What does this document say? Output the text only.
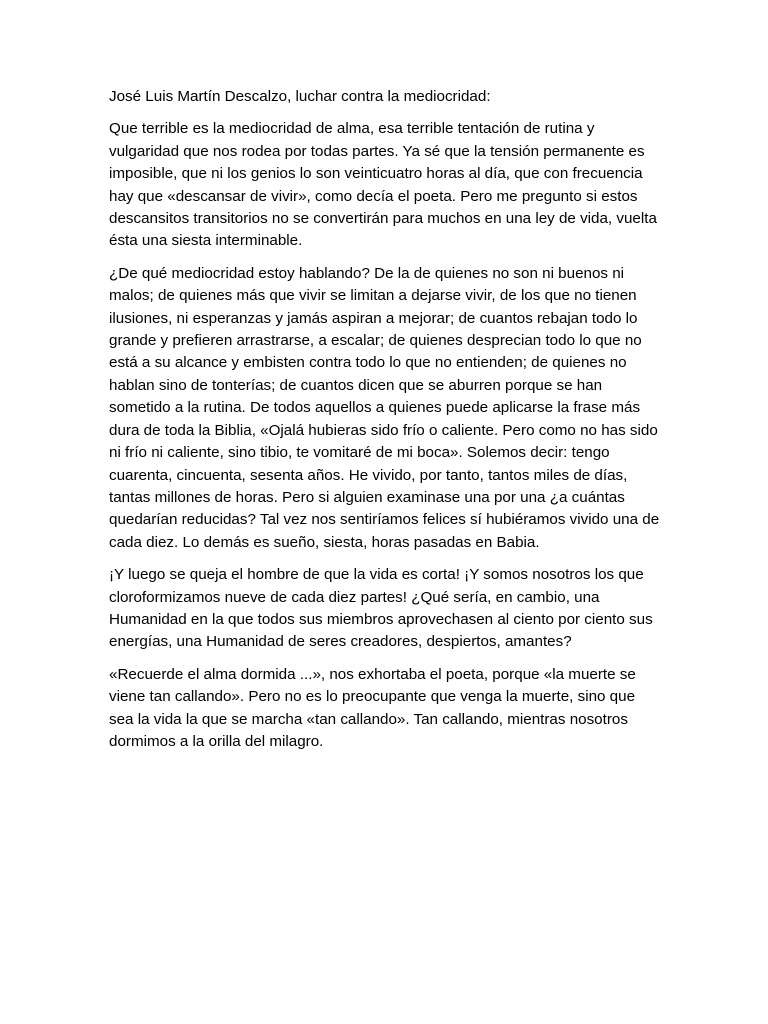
José Luis Martín Descalzo, luchar contra la mediocridad:

Que terrible es la mediocridad de alma, esa terrible tentación de rutina y vulgaridad que nos rodea por todas partes. Ya sé que la tensión permanente es imposible, que ni los genios lo son veinticuatro horas al día, que con frecuencia hay que «descansar de vivir», como decía el poeta. Pero me pregunto si estos descansitos transitorios no se convertirán para muchos en una ley de vida, vuelta ésta una siesta interminable.

¿De qué mediocridad estoy hablando? De la de quienes no son ni buenos ni malos; de quienes más que vivir se limitan a dejarse vivir, de los que no tienen ilusiones, ni esperanzas y jamás aspiran a mejorar; de cuantos rebajan todo lo grande y prefieren arrastrarse, a escalar; de quienes desprecian todo lo que no está a su alcance y embisten contra todo lo que no entienden; de quienes no hablan sino de tonterías; de cuantos dicen que se aburren porque se han sometido a la rutina. De todos aquellos a quienes puede aplicarse la frase más dura de toda la Biblia, «Ojalá hubieras sido frío o caliente. Pero como no has sido ni frío ni caliente, sino tibio, te vomitaré de mi boca». Solemos decir: tengo cuarenta, cincuenta, sesenta años. He vivido, por tanto, tantos miles de días, tantas millones de horas. Pero si alguien examinase una por una ¿a cuántas quedarían reducidas? Tal vez nos sentiríamos felices sí hubiéramos vivido una de cada diez. Lo demás es sueño, siesta, horas pasadas en Babia.

¡Y luego se queja el hombre de que la vida es corta! ¡Y somos nosotros los que cloroformizamos nueve de cada diez partes! ¿Qué sería, en cambio, una Humanidad en la que todos sus miembros aprovechasen al ciento por ciento sus energías, una Humanidad de seres creadores, despiertos, amantes?

«Recuerde el alma dormida ...», nos exhortaba el poeta, porque «la muerte se viene tan callando». Pero no es lo preocupante que venga la muerte, sino que sea la vida la que se marcha «tan callando». Tan callando, mientras nosotros dormimos a la orilla del milagro.
